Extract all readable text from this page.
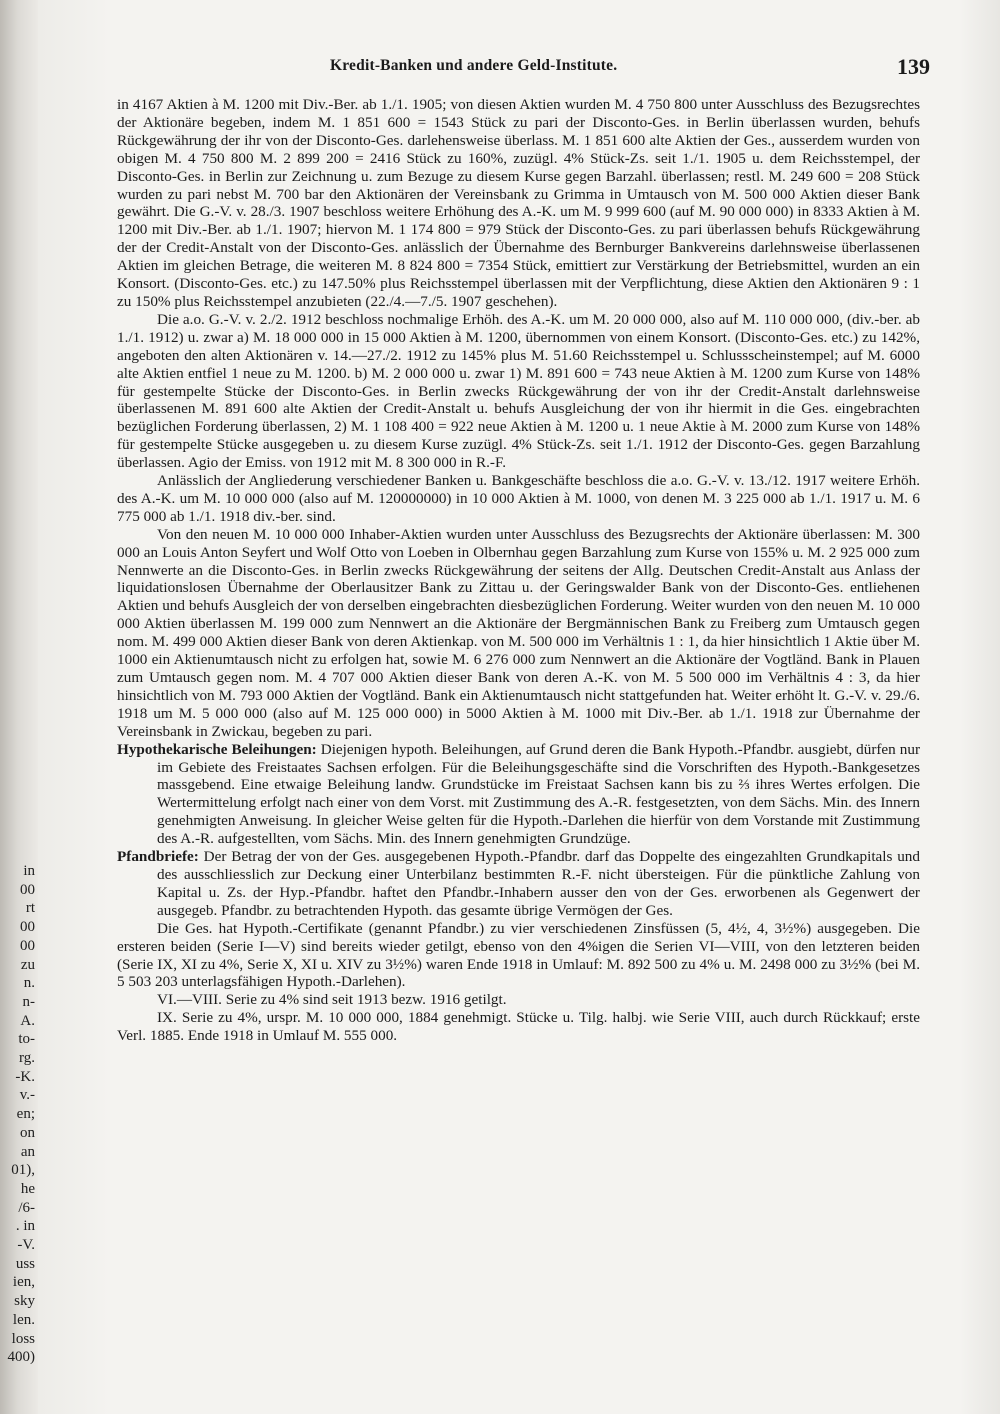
in
00
rt
00
00
zu
n.
n-
A.
to-
rg.
-K.
v.-
en;
on
an
01),
he
/6-
. in
-V.
uss
ien,
sky
len.
loss
400)
Kredit-Banken und andere Geld-Institute.	139

in 4167 Aktien à M. 1200 mit Div.-Ber. ab 1./1. 1905; von diesen Aktien wurden M. 4 750 800 unter Ausschluss des Bezugsrechtes der Aktionäre begeben, indem M. 1 851 600 = 1543 Stück zu pari der Disconto-Ges. in Berlin überlassen wurden, behufs Rückgewährung der ihr von der Disconto-Ges. darlehensweise überlass. M. 1 851 600 alte Aktien der Ges., ausserdem wurden von obigen M. 4 750 800 M. 2 899 200 = 2416 Stück zu 160%, zuzügl. 4% Stück-Zs. seit 1./1. 1905 u. dem Reichsstempel, der Disconto-Ges. in Berlin zur Zeichnung u. zum Bezuge zu diesem Kurse gegen Barzahl. überlassen; restl. M. 249 600 = 208 Stück wurden zu pari nebst M. 700 bar den Aktionären der Vereinsbank zu Grimma in Umtausch von M. 500 000 Aktien dieser Bank gewährt. Die G.-V. v. 28./3. 1907 beschloss weitere Erhöhung des A.-K. um M. 9 999 600 (auf M. 90 000 000) in 8333 Aktien à M. 1200 mit Div.-Ber. ab 1./1. 1907; hiervon M. 1 174 800 = 979 Stück der Disconto-Ges. zu pari überlassen behufs Rückgewährung der der Credit-Anstalt von der Disconto-Ges. anlässlich der Übernahme des Bernburger Bankvereins darlehnsweise überlassenen Aktien im gleichen Betrage, die weiteren M. 8 824 800 = 7354 Stück, emittiert zur Verstärkung der Betriebsmittel, wurden an ein Konsort. (Disconto-Ges. etc.) zu 147.50% plus Reichsstempel überlassen mit der Verpflichtung, diese Aktien den Aktionären 9 : 1 zu 150% plus Reichsstempel anzubieten (22./4.—7./5. 1907 geschehen).

Die a.o. G.-V. v. 2./2. 1912 beschloss nochmalige Erhöh. des A.-K. um M. 20 000 000, also auf M. 110 000 000, (div.-ber. ab 1./1. 1912) u. zwar a) M. 18 000 000 in 15 000 Aktien à M. 1200, übernommen von einem Konsort. (Disconto-Ges. etc.) zu 142%, angeboten den alten Aktionären v. 14.—27./2. 1912 zu 145% plus M. 51.60 Reichsstempel u. Schlussscheinstempel; auf M. 6000 alte Aktien entfiel 1 neue zu M. 1200. b) M. 2 000 000 u. zwar 1) M. 891 600 = 743 neue Aktien à M. 1200 zum Kurse von 148% für gestempelte Stücke der Disconto-Ges. in Berlin zwecks Rückgewährung der von ihr der Credit-Anstalt darlehnsweise überlassenen M. 891 600 alte Aktien der Credit-Anstalt u. behufs Ausgleichung der von ihr hiermit in die Ges. eingebrachten bezüglichen Forderung überlassen, 2) M. 1 108 400 = 922 neue Aktien à M. 1200 u. 1 neue Aktie à M. 2000 zum Kurse von 148% für gestempelte Stücke ausgegeben u. zu diesem Kurse zuzügl. 4% Stück-Zs. seit 1./1. 1912 der Disconto-Ges. gegen Barzahlung überlassen. Agio der Emiss. von 1912 mit M. 8 300 000 in R.-F.

Anlässlich der Angliederung verschiedener Banken u. Bankgeschäfte beschloss die a.o. G.-V. v. 13./12. 1917 weitere Erhöh. des A.-K. um M. 10 000 000 (also auf M. 120000000) in 10 000 Aktien à M. 1000, von denen M. 3 225 000 ab 1./1. 1917 u. M. 6 775 000 ab 1./1. 1918 div.-ber. sind.

Von den neuen M. 10 000 000 Inhaber-Aktien wurden unter Ausschluss des Bezugsrechts der Aktionäre überlassen: M. 300 000 an Louis Anton Seyfert und Wolf Otto von Loeben in Olbernhau gegen Barzahlung zum Kurse von 155% u. M. 2 925 000 zum Nennwerte an die Disconto-Ges. in Berlin zwecks Rückgewährung der seitens der Allg. Deutschen Credit-Anstalt aus Anlass der liquidationslosen Übernahme der Oberlausitzer Bank zu Zittau u. der Geringswalder Bank von der Disconto-Ges. entliehenen Aktien und behufs Ausgleich der von derselben eingebrachten diesbezüglichen Forderung. Weiter wurden von den neuen M. 10 000 000 Aktien überlassen M. 199 000 zum Nennwert an die Aktionäre der Bergmännischen Bank zu Freiberg zum Umtausch gegen nom. M. 499 000 Aktien dieser Bank von deren Aktienkap. von M. 500 000 im Verhältnis 1 : 1, da hier hinsichtlich 1 Aktie über M. 1000 ein Aktienumtausch nicht zu erfolgen hat, sowie M. 6 276 000 zum Nennwert an die Aktionäre der Vogtländ. Bank in Plauen zum Umtausch gegen nom. M. 4 707 000 Aktien dieser Bank von deren A.-K. von M. 5 500 000 im Verhältnis 4 : 3, da hier hinsichtlich von M. 793 000 Aktien der Vogtländ. Bank ein Aktienumtausch nicht stattgefunden hat. Weiter erhöht lt. G.-V. v. 29./6. 1918 um M. 5 000 000 (also auf M. 125 000 000) in 5000 Aktien à M. 1000 mit Div.-Ber. ab 1./1. 1918 zur Übernahme der Vereinsbank in Zwickau, begeben zu pari.

Hypothekarische Beleihungen: Diejenigen hypoth. Beleihungen, auf Grund deren die Bank Hypoth.-Pfandbr. ausgiebt, dürfen nur im Gebiete des Freistaates Sachsen erfolgen. Für die Beleihungsgeschäfte sind die Vorschriften des Hypoth.-Bankgesetzes massgebend. Eine etwaige Beleihung landw. Grundstücke im Freistaat Sachsen kann bis zu ⅔ ihres Wertes erfolgen. Die Wertermittelung erfolgt nach einer von dem Vorst. mit Zustimmung des A.-R. festgesetzten, von dem Sächs. Min. des Innern genehmigten Anweisung. In gleicher Weise gelten für die Hypoth.-Darlehen die hierfür von dem Vorstande mit Zustimmung des A.-R. aufgestellten, vom Sächs. Min. des Innern genehmigten Grundzüge.

Pfandbriefe: Der Betrag der von der Ges. ausgegebenen Hypoth.-Pfandbr. darf das Doppelte des eingezahlten Grundkapitals und des ausschliesslich zur Deckung einer Unterbilanz bestimmten R.-F. nicht übersteigen. Für die pünktliche Zahlung von Kapital u. Zs. der Hyp.-Pfandbr. haftet den Pfandbr.-Inhabern ausser den von der Ges. erworbenen als Gegenwert der ausgegeb. Pfandbr. zu betrachtenden Hypoth. das gesamte übrige Vermögen der Ges.

Die Ges. hat Hypoth.-Certifikate (genannt Pfandbr.) zu vier verschiedenen Zinsfüssen (5, 4½, 4, 3½%) ausgegeben. Die ersteren beiden (Serie I—V) sind bereits wieder getilgt, ebenso von den 4%igen die Serien VI—VIII, von den letzteren beiden (Serie IX, XI zu 4%, Serie X, XI u. XIV zu 3½%) waren Ende 1918 in Umlauf: M. 892 500 zu 4% u. M. 2498 000 zu 3½% (bei M. 5 503 203 unterlagsfähigen Hypoth.-Darlehen).

VI.—VIII. Serie zu 4% sind seit 1913 bezw. 1916 getilgt.

IX. Serie zu 4%, urspr. M. 10 000 000, 1884 genehmigt. Stücke u. Tilg. halbj. wie Serie VIII, auch durch Rückkauf; erste Verl. 1885. Ende 1918 in Umlauf M. 555 000.
